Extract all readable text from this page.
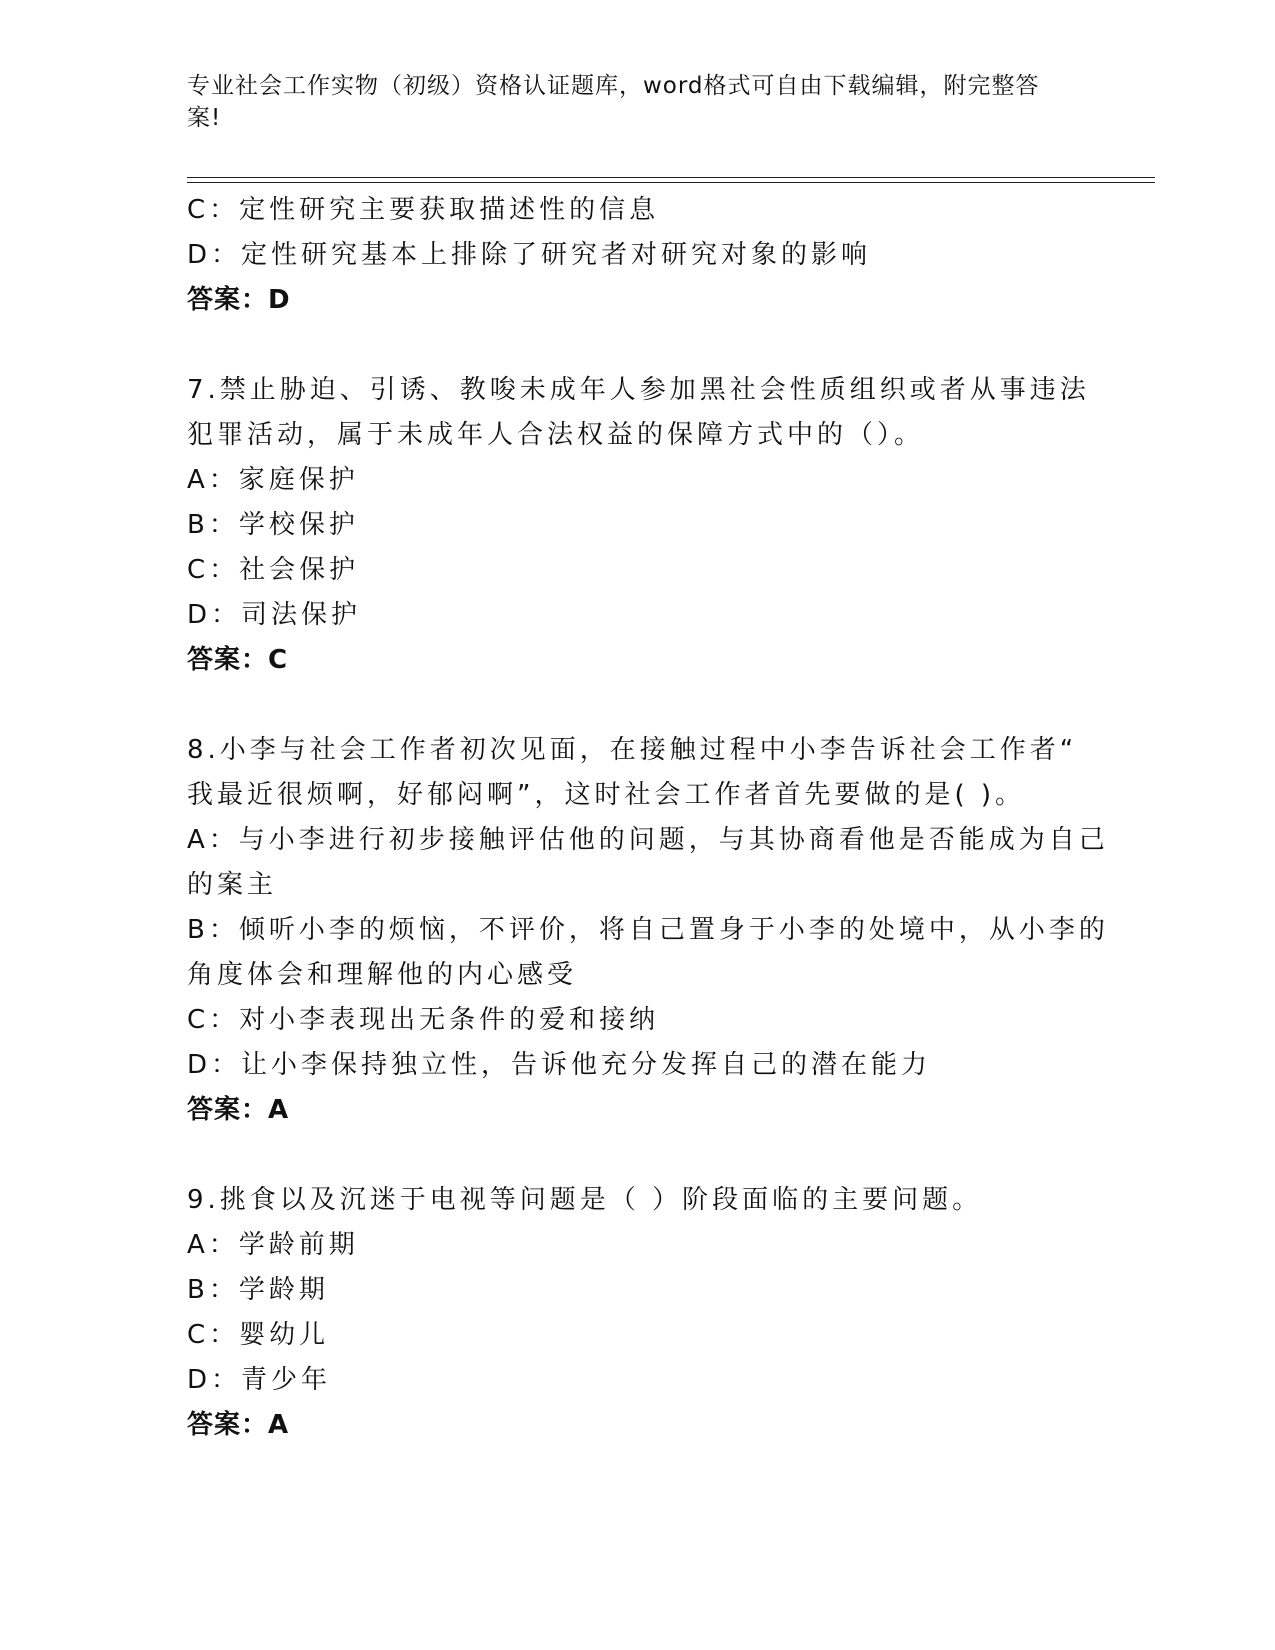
专业社会工作实物（初级）资格认证题库，word格式可自由下载编辑，附完整答
案!
C：定性研究主要获取描述性的信息
D：定性研究基本上排除了研究者对研究对象的影响
答案：D
7.禁止胁迫、引诱、教唆未成年人参加黑社会性质组织或者从事违法
犯罪活动，属于未成年人合法权益的保障方式中的（）。
A：家庭保护
B：学校保护
C：社会保护
D：司法保护
答案：C
8.小李与社会工作者初次见面，在接触过程中小李告诉社会工作者“
我最近很烦啊，好郁闷啊”，这时社会工作者首先要做的是( )。
A：与小李进行初步接触评估他的问题，与其协商看他是否能成为自己
的案主
B：倾听小李的烦恼，不评价，将自己置身于小李的处境中，从小李的
角度体会和理解他的内心感受
C：对小李表现出无条件的爱和接纳
D：让小李保持独立性，告诉他充分发挥自己的潜在能力
答案：A
9.挑食以及沉迷于电视等问题是（ ）阶段面临的主要问题。
A：学龄前期
B：学龄期
C：婴幼儿
D：青少年
答案：A
